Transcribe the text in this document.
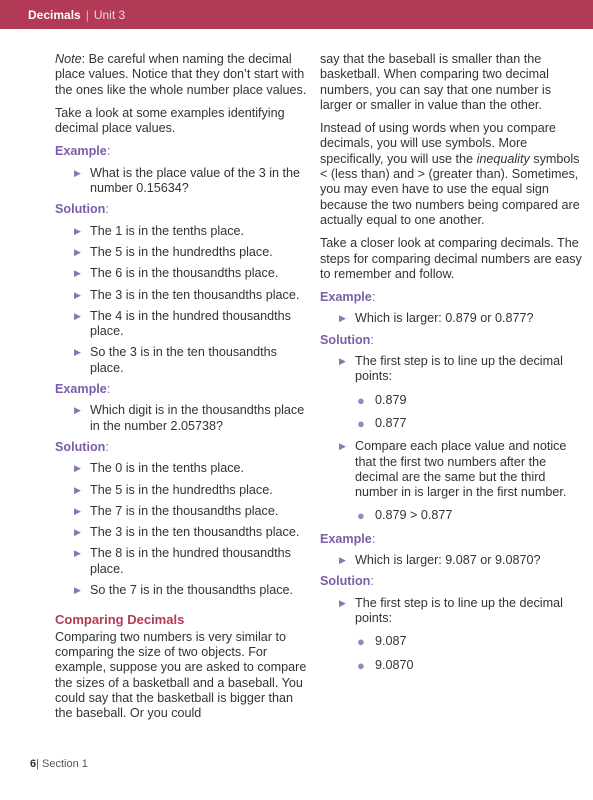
Decimals | Unit 3

Note: Be careful when naming the decimal place values. Notice that they don’t start with the ones like the whole number place values.

Take a look at some examples identifying decimal place values.

Example:
▶ What is the place value of the 3 in the number 0.15634?
Solution:
▶ The 1 is in the tenths place.
▶ The 5 is in the hundredths place.
▶ The 6 is in the thousandths place.
▶ The 3 is in the ten thousandths place.
▶ The 4 is in the hundred thousandths place.
▶ So the 3 is in the ten thousandths place.
Example:
▶ Which digit is in the thousandths place in the number 2.05738?
Solution:
▶ The 0 is in the tenths place.
▶ The 5 is in the hundredths place.
▶ The 7 is in the thousandths place.
▶ The 3 is in the ten thousandths place.
▶ The 8 is in the hundred thousandths place.
▶ So the 7 is in the thousandths place.
Comparing Decimals

Comparing two numbers is very similar to comparing the size of two objects. For example, suppose you are asked to compare the sizes of a basketball and a baseball. You could say that the basketball is bigger than the baseball. Or you could

say that the baseball is smaller than the basketball. When comparing two decimal numbers, you can say that one number is larger or smaller in value than the other.

Instead of using words when you compare decimals, you will use symbols. More specifically, you will use the inequality symbols < (less than) and > (greater than). Sometimes, you may even have to use the equal sign because the two numbers being compared are actually equal to one another.

Take a closer look at comparing decimals. The steps for comparing decimal numbers are easy to remember and follow.

Example:
▶ Which is larger: 0.879 or 0.877?
Solution:
▶ The first step is to line up the decimal points:
● 0.879
● 0.877
▶ Compare each place value and notice that the first two numbers after the decimal are the same but the third number in is larger in the first number.
● 0.879 > 0.877
Example:
▶ Which is larger: 9.087 or 9.0870?
Solution:
▶ The first step is to line up the decimal points:
● 9.087
● 9.0870
6| Section 1
